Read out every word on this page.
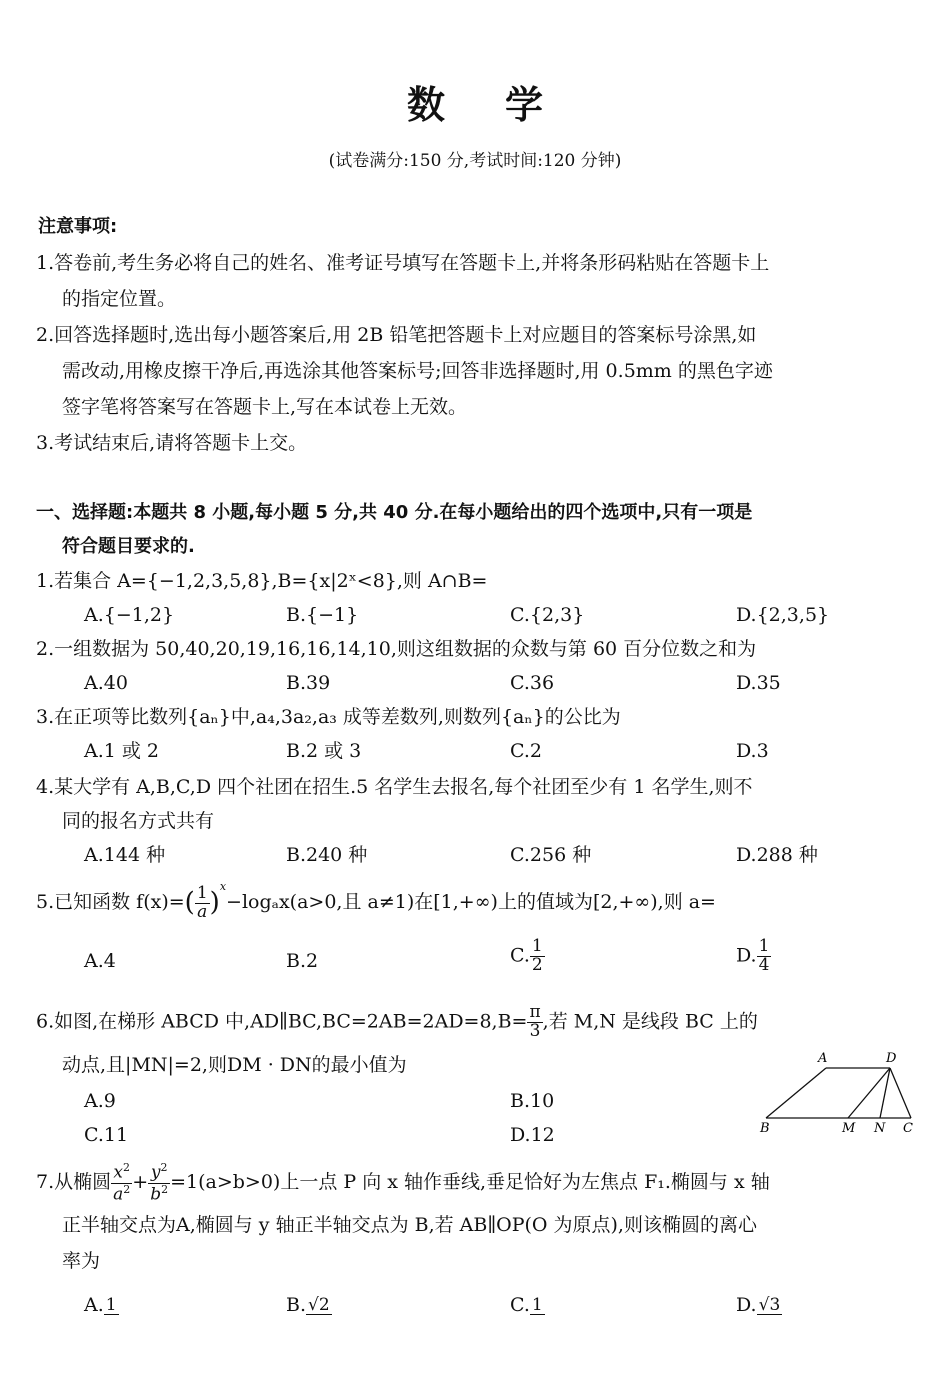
数学
(试卷满分:150 分,考试时间:120 分钟)
注意事项:
1.答卷前,考生务必将自己的姓名、准考证号填写在答题卡上,并将条形码粘贴在答题卡上
的指定位置。
2.回答选择题时,选出每小题答案后,用 2B 铅笔把答题卡上对应题目的答案标号涂黑,如
需改动,用橡皮擦干净后,再选涂其他答案标号;回答非选择题时,用 0.5mm 的黑色字迹
签字笔将答案写在答题卡上,写在本试卷上无效。
3.考试结束后,请将答题卡上交。
一、选择题:本题共 8 小题,每小题 5 分,共 40 分.在每小题给出的四个选项中,只有一项是
符合题目要求的.
1.若集合 A={−1,2,3,5,8},B={x|2ˣ<8},则 A∩B=
A.{−1,2}	B.{−1}	C.{2,3}	D.{2,3,5}
2.一组数据为 50,40,20,19,16,16,14,10,则这组数据的众数与第 60 百分位数之和为
A.40	B.39	C.36	D.35
3.在正项等比数列{aₙ}中,a₄,3a₂,a₃ 成等差数列,则数列{aₙ}的公比为
A.1 或 2	B.2 或 3	C.2	D.3
4.某大学有 A,B,C,D 四个社团在招生.5 名学生去报名,每个社团至少有 1 名学生,则不
同的报名方式共有
A.144 种	B.240 种	C.256 种	D.288 种
5.已知函数 $f(x)=( \frac{1}{a} )^x-\log_ax(a>0$,且 a≠1)在[1,+∞)上的值域为[2,+∞),则 a=
A.4	B.2	C. $\frac{1}{2}$	D. $\frac{1}{4}$
6.如图,在梯形 ABCD 中,AD∥BC,BC=2AB=2AD=8,B= $\frac{\pi}{3}$ ,若 M,N 是线段 BC 上的
动点,且|MN|=2,则DM · DN的最小值为
A.9	B.10
C.11	D.12
A	D
B	M N C
7.从椭圆 $\frac{x^2}{a^2} + \frac{y^2}{b^2} =1(a>b>0)$上一点 P 向 x 轴作垂线,垂足恰好为左焦点 F₁.椭圆与 x 轴
正半轴交点为A,椭圆与 y 轴正半轴交点为 B,若 AB∥OP(O 为原点),则该椭圆的离心
率为
A. 1	B. √2	C. 1	D. √3
